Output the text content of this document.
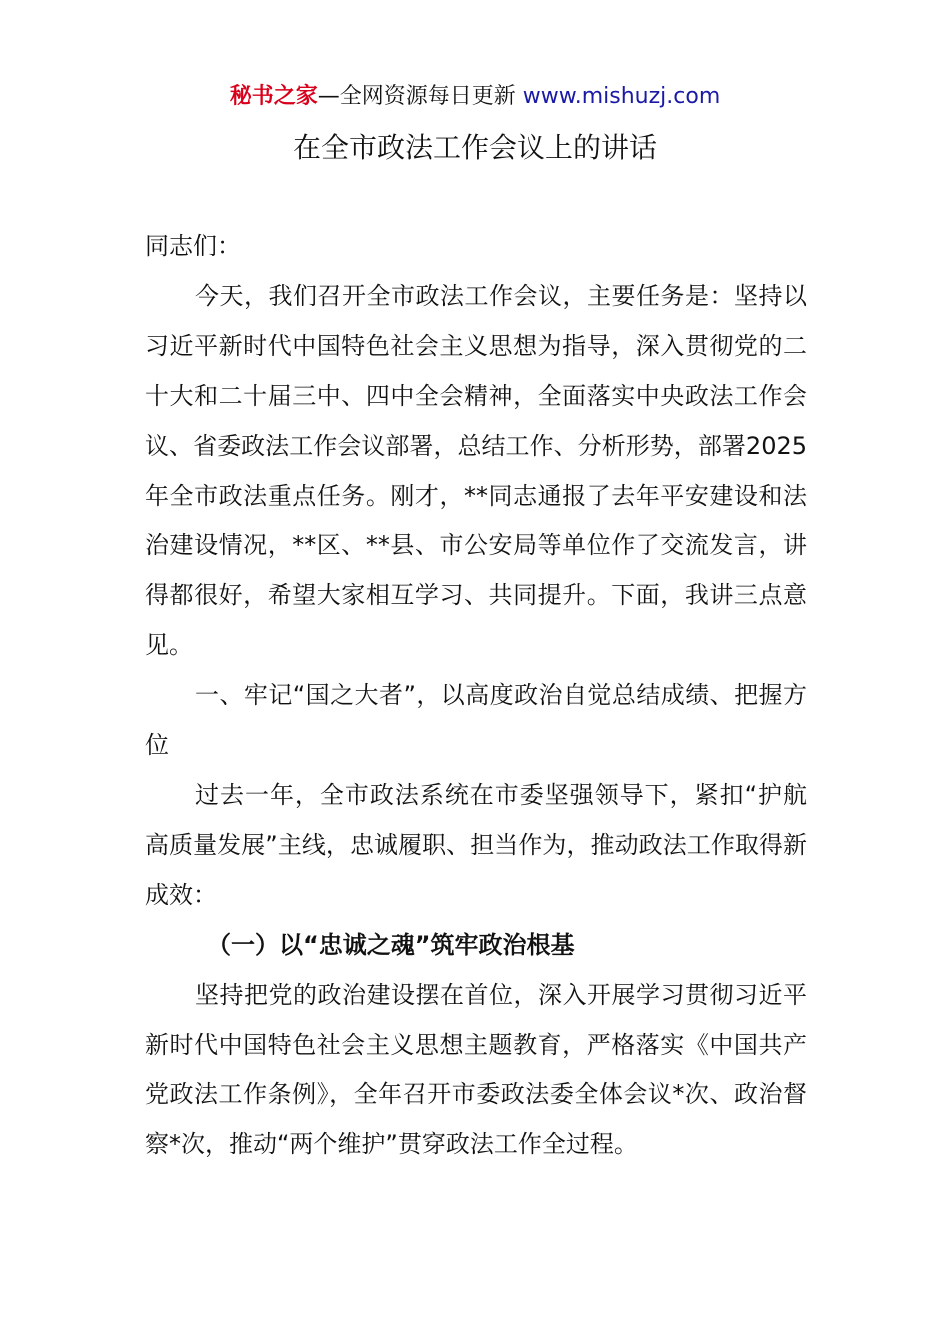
秘书之家—全网资源每日更新 www.mishuzj.com
在全市政法工作会议上的讲话

同志们：

今天，我们召开全市政法工作会议，主要任务是：坚持以习近平新时代中国特色社会主义思想为指导，深入贯彻党的二十大和二十届三中、四中全会精神，全面落实中央政法工作会议、省委政法工作会议部署，总结工作、分析形势，部署2025年全市政法重点任务。刚才，**同志通报了去年平安建设和法治建设情况，**区、**县、市公安局等单位作了交流发言，讲得都很好，希望大家相互学习、共同提升。下面，我讲三点意见。

一、牢记“国之大者”，以高度政治自觉总结成绩、把握方位

过去一年，全市政法系统在市委坚强领导下，紧扣“护航高质量发展”主线，忠诚履职、担当作为，推动政法工作取得新成效：

（一）以“忠诚之魂”筑牢政治根基

坚持把党的政治建设摆在首位，深入开展学习贯彻习近平新时代中国特色社会主义思想主题教育，严格落实《中国共产党政法工作条例》，全年召开市委政法委全体会议*次、政治督察*次，推动“两个维护”贯穿政法工作全过程。
